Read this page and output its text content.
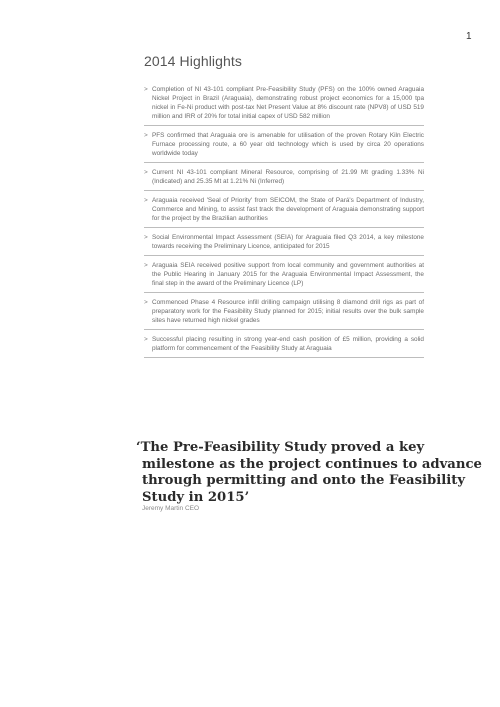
1
2014 Highlights
> Completion of NI 43-101 compliant Pre-Feasibility Study (PFS) on the 100% owned Araguaia Nickel Project in Brazil (Araguaia), demonstrating robust project economics for a 15,000 tpa nickel in Fe-Ni product with post-tax Net Present Value at 8% discount rate (NPV8) of USD 519 million and IRR of 20% for total initial capex of USD 582 million
> PFS confirmed that Araguaia ore is amenable for utilisation of the proven Rotary Kiln Electric Furnace processing route, a 60 year old technology which is used by circa 20 operations worldwide today
> Current NI 43-101 compliant Mineral Resource, comprising of 21.99 Mt grading 1.33% Ni (Indicated) and 25.35 Mt at 1.21% Ni (Inferred)
> Araguaia received 'Seal of Priority' from SEICOM, the State of Pará's Department of Industry, Commerce and Mining, to assist fast track the development of Araguaia demonstrating support for the project by the Brazilian authorities
> Social Environmental Impact Assessment (SEIA) for Araguaia filed Q3 2014, a key milestone towards receiving the Preliminary Licence, anticipated for 2015
> Araguaia SEIA received positive support from local community and government authorities at the Public Hearing in January 2015 for the Araguaia Environmental Impact Assessment, the final step in the award of the Preliminary Licence (LP)
> Commenced Phase 4 Resource infill drilling campaign utilising 8 diamond drill rigs as part of preparatory work for the Feasibility Study planned for 2015; initial results over the bulk sample sites have returned high nickel grades
> Successful placing resulting in strong year-end cash position of £5 million, providing a solid platform for commencement of the Feasibility Study at Araguaia
‘The Pre-Feasibility Study proved a key
milestone as the project continues to advance
through permitting and onto the Feasibility
Study in 2015’
Jeremy Martin CEO
